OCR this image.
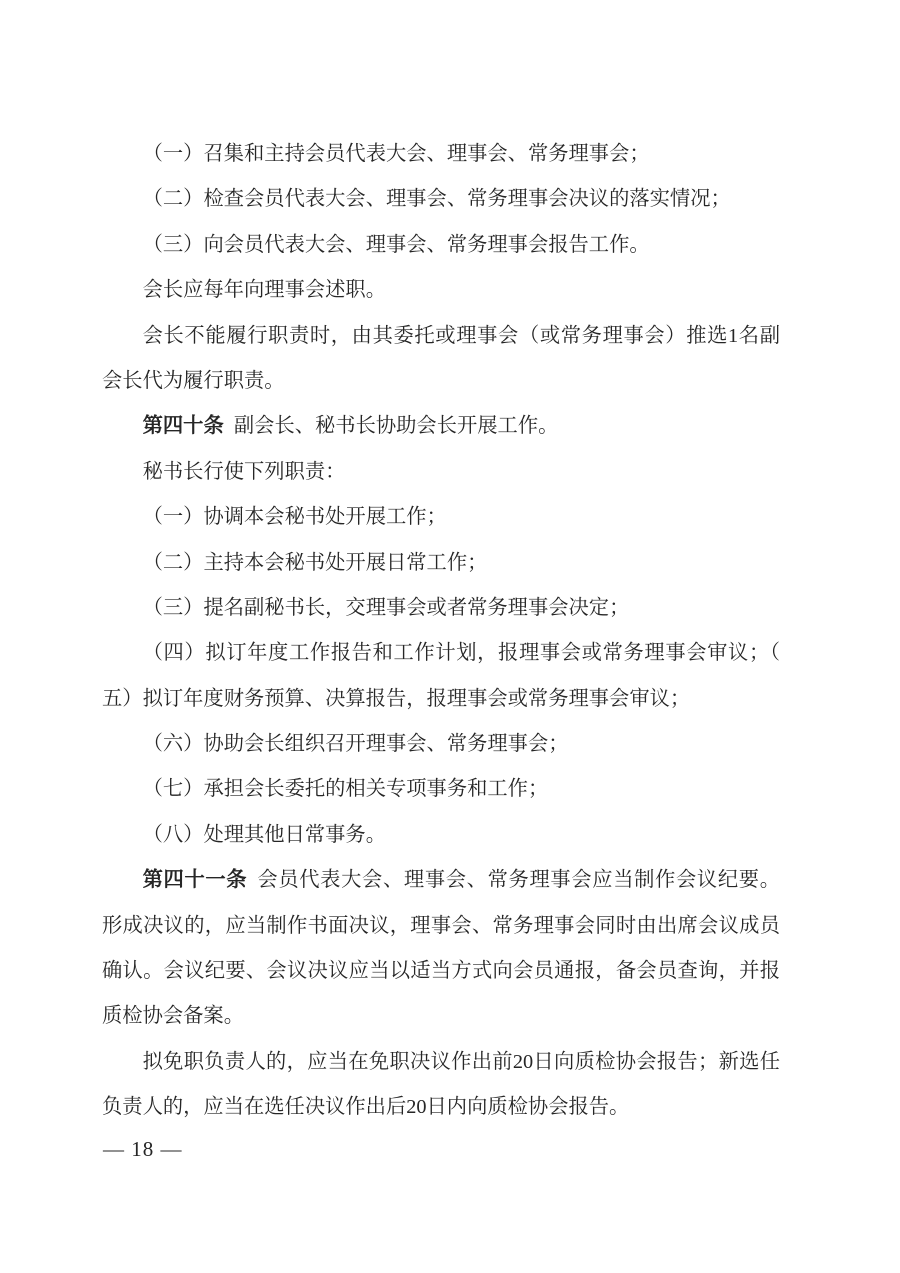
（一）召集和主持会员代表大会、理事会、常务理事会；
（二）检查会员代表大会、理事会、常务理事会决议的落实情况；
（三）向会员代表大会、理事会、常务理事会报告工作。
会长应每年向理事会述职。
会长不能履行职责时，由其委托或理事会（或常务理事会）推选1名副
会长代为履行职责。
第四十条 副会长、秘书长协助会长开展工作。
秘书长行使下列职责：
（一）协调本会秘书处开展工作；
（二）主持本会秘书处开展日常工作；
（三）提名副秘书长，交理事会或者常务理事会决定；
（四）拟订年度工作报告和工作计划，报理事会或常务理事会审议；（
五）拟订年度财务预算、决算报告，报理事会或常务理事会审议；
（六）协助会长组织召开理事会、常务理事会；
（七）承担会长委托的相关专项事务和工作；
（八）处理其他日常事务。
第四十一条 会员代表大会、理事会、常务理事会应当制作会议纪要。
形成决议的，应当制作书面决议，理事会、常务理事会同时由出席会议成员
确认。会议纪要、会议决议应当以适当方式向会员通报，备会员查询，并报
质检协会备案。
拟免职负责人的，应当在免职决议作出前20日向质检协会报告；新选任
负责人的，应当在选任决议作出后20日内向质检协会报告。
— 18 —
